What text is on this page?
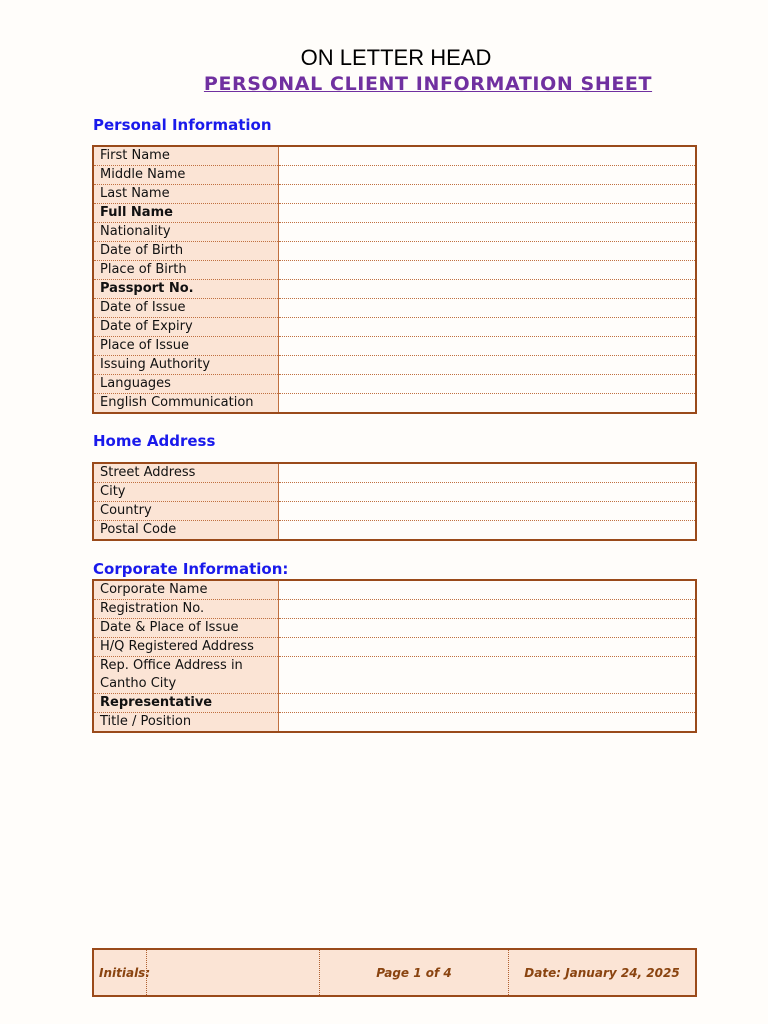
ON LETTER HEAD
PERSONAL CLIENT INFORMATION SHEET
Personal Information
First Name	
Middle Name	
Last Name	
Full Name	
Nationality	
Date of Birth	
Place of Birth	
Passport No.	
Date of Issue	
Date of Expiry	
Place of Issue	
Issuing Authority	
Languages	
English Communication	
Home Address
Street Address	
City	
Country	
Postal Code	
Corporate Information:
Corporate Name	
Registration No.	
Date & Place of Issue	
H/Q Registered Address	
Rep. Office Address in Cantho City	
Representative	
Title / Position	
Initials:		Page 1 of 4	Date: January 24, 2025
